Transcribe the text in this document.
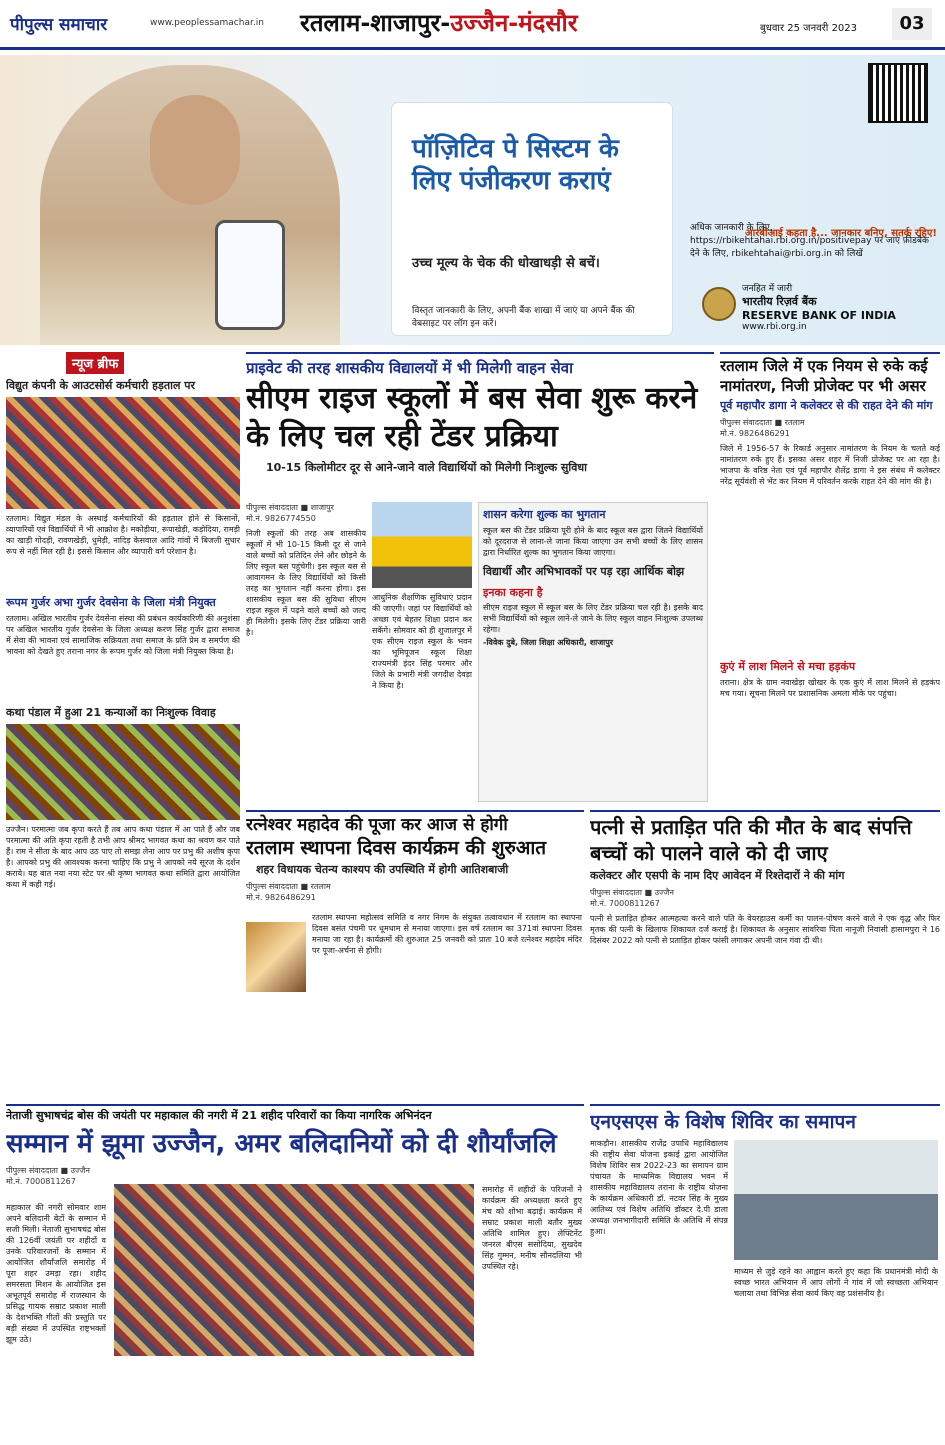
पीपुल्स समाचार	www.peoplessamachar.in रतलाम-शाजापुर-उज्जैन-मंदसौर	बुधवार 25 जनवरी 2023	03
पॉज़िटिव पे सिस्टम के लिए पंजीकरण कराएं
उच्च मूल्य के चेक की धोखाधड़ी से बचें।
विस्तृत जानकारी के लिए, अपनी बैंक शाखा में जाएं या अपने बैंक की वेबसाइट पर लॉग इन करें।
आरबीआई कहता है... जानकार बनिए, सतर्क रहिए!
अधिक जानकारी के लिए, https://rbikehtahai.rbi.org.in/positivepay पर जाएं फ़ीडबैक देने के लिए, rbikehtahai@rbi.org.in को लिखें
जनहित में जारी
भारतीय रिज़र्व बैंक
RESERVE BANK OF INDIA
www.rbi.org.in
न्यूज ब्रीफ
विद्युत कंपनी के आउटसोर्स कर्मचारी हड़ताल पर
रतलाम। विद्युत मंडल के अस्थाई कर्मचारियों की हड़ताल होने से किसानों, व्यापारियों एवं विद्यार्थियों में भी आक्रोश है। मकोड़ीया, रूपाखेड़ी, कड़ोदिया, रामड़ी का खाड़ी गोदड़ी, रावणखेड़ी, धुमेड़ी, नादिड़ केसवाल आदि गांवों में बिजली सुधार रूप से नहीं मिल रही है। इससे किसान और व्यापारी वर्ग परेशान है।
रूपम गुर्जर अभा गुर्जर देवसेना के जिला मंत्री नियुक्त
रतलाम। अखिल भारतीय गुर्जर देवसेना संस्था की प्रबंधन कार्यकारिणी की अनुशंसा पर अखिल भारतीय गुर्जर देवसेना के जिला अध्यक्ष करण सिंह गुर्जर द्वारा समाज में सेवा की भावना एवं सामाजिक सक्रियता तथा समाज के प्रति प्रेम व समर्पण की भावना को देखते हुए तराना नगर के रूपम गुर्जर को जिला मंत्री नियुक्त किया है।
कथा पंडाल में हुआ 21 कन्याओं का निःशुल्क विवाह
उज्जैन। परमात्मा जब कृपा करते हैं तब आप कथा पंडाल में आ पाते हैं और जब परमात्मा की अति कृपा रहती है तभी आप श्रीमद भागवत कथा का श्रवण कर पाते हैं। राम ने सीता के बाद आप उठ पाए तो समझ लेना आप पर प्रभु की अशीष कृपा है। आपको प्रभु की आवश्यक करना चाहिए कि प्रभु ने आपको नये सूरज के दर्शन कराये। यह बात नया नया स्टेट पर श्री कृष्ण भागवत कथा समिति द्वारा आयोजित कथा में कही गई।
प्राइवेट की तरह शासकीय विद्यालयों में भी मिलेगी वाहन सेवा
सीएम राइज स्कूलों में बस सेवा शुरू करने के लिए चल रही टेंडर प्रक्रिया
10-15 किलोमीटर दूर से आने-जाने वाले विद्यार्थियों को मिलेगी निःशुल्क सुविधा
पीपुल्स संवाददाता ■ शाजापुर
मो.नं. 9826774550
निजी स्कूलों की तरह अब शासकीय स्कूलों में भी 10-15 किमी दूर से जाने वाले बच्चों को प्रतिदिन लेने और छोड़ने के लिए स्कूल बस पहुंचेगी। इस स्कूल बस से आवागमन के लिए विद्यार्थियों को किसी तरह का भुगतान नहीं करना होगा। इस शासकीय स्कूल बस की सुविधा सीएम राइज स्कूल में पढ़ने वाले बच्चों को जल्द ही मिलेगी। इसके लिए टेंडर प्रक्रिया जारी है।
आधुनिक शैक्षणिक सुविधाएं प्रदान की जाएगी। जहां पर विद्यार्थियों को अच्छा एवं बेहतर शिक्षा प्रदान कर सकेंगे। सोमवार को ही शुजालपुर में एक सीएम राइज स्कूल के भवन का भूमिपूजन स्कूल शिक्षा राज्यमंत्री इंदर सिंह परमार और जिले के प्रभारी मंत्री जगदीश देवड़ा ने किया है।
शासन करेगा शुल्क का भुगतान
स्कूल बस की टेंडर प्रक्रिया पूरी होने के बाद स्कूल बस द्वारा जितने विद्यार्थियों को दूरदराज से लाना-ले जाना किया जाएगा उन सभी बच्चों के लिए शासन द्वारा निर्धारित शुल्क का भुगतान किया जाएगा।
विद्यार्थी और अभिभावकों पर पड़ रहा आर्थिक बोझ
इनका कहना है
सीएम राइज स्कूल में स्कूल बस के लिए टेंडर प्रक्रिया चल रही है। इसके बाद सभी विद्यार्थियों को स्कूल लाने-ले जाने के लिए स्कूल वाहन निःशुल्क उपलब्ध रहेगा।
-विवेक दुबे, जिला शिक्षा अधिकारी, शाजापुर
रतलाम जिले में एक नियम से रुके कई नामांतरण, निजी प्रोजेक्ट पर भी असर
पूर्व महापौर डागा ने कलेक्टर से की राहत देने की मांग
पीपुल्स संवाददाता ■ रतलाम
मो.नं. 9826486291
जिले में 1956-57 के रिकार्ड अनुसार नामांतरण के नियम के चलते कई नामांतरण रुके हुए हैं। इसका असर शहर में निजी प्रोजेक्ट पर आ रहा है। भाजपा के वरिष्ठ नेता एवं पूर्व महापौर शैलेंद्र डागा ने इस संबंध में कलेक्टर नरेंद्र सूर्यवंशी से भेंट कर नियम में परिवर्तन करके राहत देने की मांग की है।
कुएं में लाश मिलने से मचा हड़कंप
तराना। क्षेत्र के ग्राम नवाखेड़ा खोखर के एक कुएं में लाश मिलने से हड़कंप मच गया। सूचना मिलने पर प्रशासनिक अमला मौके पर पहुंचा।
रत्नेश्वर महादेव की पूजा कर आज से होगी
रतलाम स्थापना दिवस कार्यक्रम की शुरुआत
शहर विधायक चेतन्य काश्यप की उपस्थिति में होगी आतिशबाजी
पीपुल्स संवाददाता ■ रतलाम
मो.नं. 9826486291
रतलाम स्थापना महोत्सव समिति व नगर निगम के संयुक्त तत्वावधान में रतलाम का स्थापना दिवस बसंत पंचमी पर धूमधाम से मनाया जाएगा। इस वर्ष रतलाम का 371वां स्थापना दिवस मनाया जा रहा है। कार्यक्रमों की शुरुआत 25 जनवरी को प्रातः 10 बजे रत्नेश्वर महादेव मंदिर पर पूजा-अर्चना से होगी।
पत्नी से प्रताड़ित पति की मौत के बाद संपत्ति बच्चों को पालने वाले को दी जाए
कलेक्टर और एसपी के नाम दिए आवेदन में रिश्तेदारों ने की मांग
पीपुल्स संवाददाता ■ उज्जैन
मो.नं. 7000811267
पत्नी से प्रताड़ित होकर आत्महत्या करने वाले पति के वेयरहाउस कर्मी का पालन-पोषण करने वाले ने एक वृद्ध और फिर मृतक की पत्नी के खिलाफ शिकायत दर्ज कराई है। शिकायत के अनुसार सांवरिया पिता नानूजी निवासी हासामपुरा ने 16 दिसंबर 2022 को पत्नी से प्रताड़ित होकर फांसी लगाकर अपनी जान गंवा दी थी।
नेताजी सुभाषचंद्र बोस की जयंती पर महाकाल की नगरी में 21 शहीद परिवारों का किया नागरिक अभिनंदन
सम्मान में झूमा उज्जैन, अमर बलिदानियों को दी शौर्यांजलि
पीपुल्स संवाददाता ■ उज्जैन
मो.नं. 7000811267
महाकाल की नगरी सोमवार शाम अपने बलिदानी बेटों के सम्मान में सजी मिली। नेताजी सुभाषचंद्र बोस की 126वीं जयंती पर शहीदों व उनके परिवारजनों के सम्मान में आयोजित शौर्यांजलि समारोह में पूरा शहर उमड़ा रहा। शहीद समरसता मिशन के आयोजित इस अभूतपूर्व समारोह में राजस्थान के प्रसिद्ध गायक सम्राट प्रकाश माली के देशभक्ति गीतों की प्रस्तुति पर बड़ी संख्या में उपस्थित राष्ट्रभक्तों झूम उठे।
समारोह में शहीदों के परिजनों ने कार्यक्रम की अध्यक्षता करते हुए मंच को शोभा बढ़ाई। कार्यक्रम में सम्राट प्रकाश माली बतौर मुख्य अतिथि शामिल हुए। लेफ्टिनेंट जनरल बीएस ससोदिया, सुखदेव सिंह गुम्मन, मनीष सौनदलिया भी उपस्थित रहे।
एनएसएस के विशेष शिविर का समापन
माकड़ौन। शासकीय राजेंद्र उपाधि महाविद्यालय की राष्ट्रीय सेवा योजना इकाई द्वारा आयोजित विशेष शिविर सत्र 2022-23 का समापन ग्राम पंचायत के माध्यमिक विद्यालय भवन में शासकीय महाविद्यालय तराना के राष्ट्रीय योजना के कार्यक्रम अधिकारी डॉ. नटवर सिंह के मुख्य आतिथ्य एवं विशेष अतिथि डॉक्टर दे.पी डाला अध्यक्ष जनभागीदारी समिति के अतिथि में संपन्न हुआ।
माध्यम से जुड़े रहने का आह्वान करते हुए कहा कि प्रधानमंत्री मोदी के स्वच्छ भारत अभियान में आप लोगों ने गांव में जो स्वच्छता अभियान चलाया तथा विभिन्न सेवा कार्य किए वह प्रशंसनीय है।
